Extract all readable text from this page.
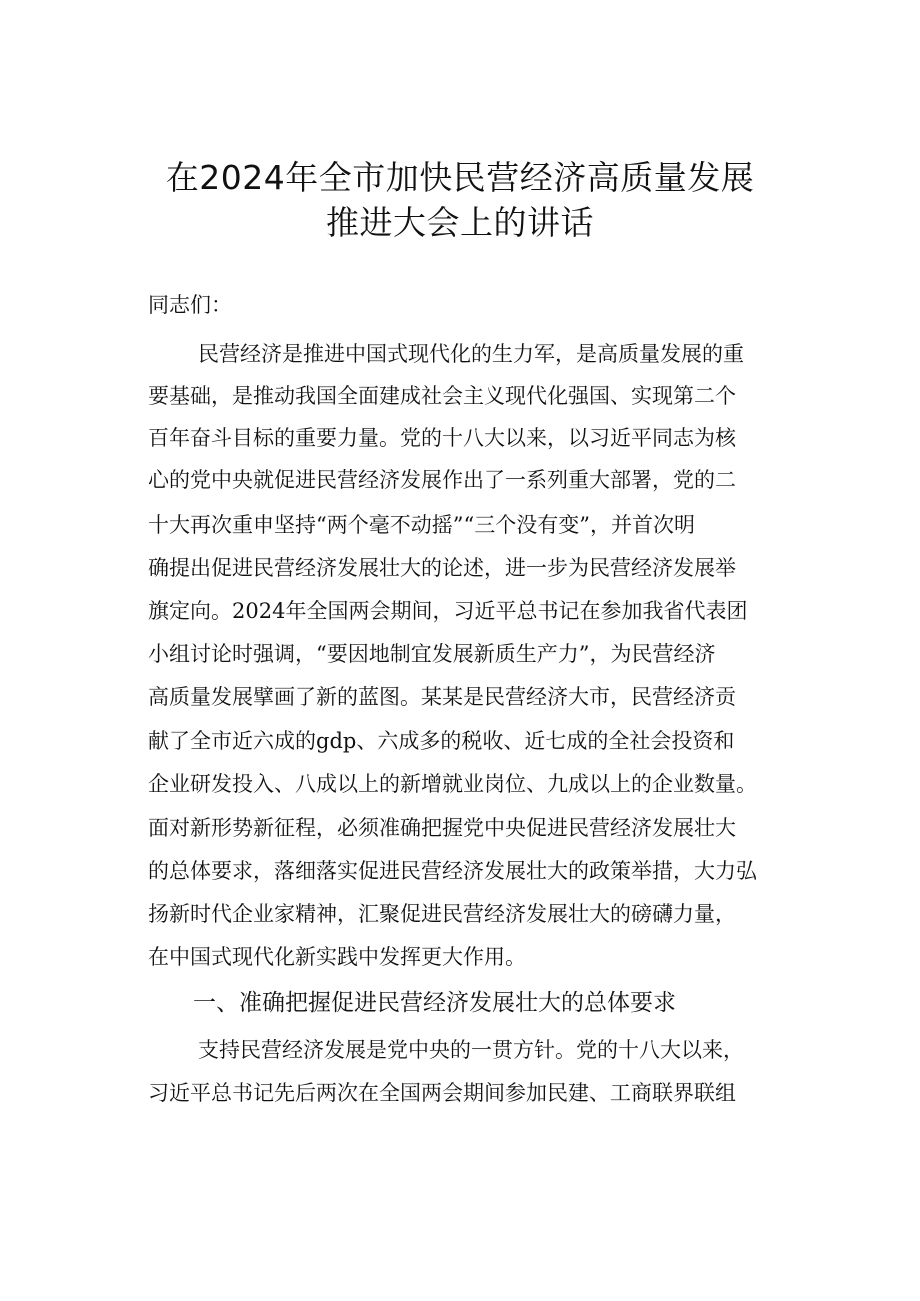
在2024年全市加快民营经济高质量发展
推进大会上的讲话
同志们：
民营经济是推进中国式现代化的生力军，是高质量发展的重
要基础，是推动我国全面建成社会主义现代化强国、实现第二个
百年奋斗目标的重要力量。党的十八大以来，以习近平同志为核
心的党中央就促进民营经济发展作出了一系列重大部署，党的二
十大再次重申坚持“两个毫不动摇”“三个没有变”，并首次明
确提出促进民营经济发展壮大的论述，进一步为民营经济发展举
旗定向。2024年全国两会期间，习近平总书记在参加我省代表团
小组讨论时强调，“要因地制宜发展新质生产力”，为民营经济
高质量发展擘画了新的蓝图。某某是民营经济大市，民营经济贡
献了全市近六成的gdp、六成多的税收、近七成的全社会投资和
企业研发投入、八成以上的新增就业岗位、九成以上的企业数量。
面对新形势新征程，必须准确把握党中央促进民营经济发展壮大
的总体要求，落细落实促进民营经济发展壮大的政策举措，大力弘
扬新时代企业家精神，汇聚促进民营经济发展壮大的磅礴力量，
在中国式现代化新实践中发挥更大作用。
一、准确把握促进民营经济发展壮大的总体要求
支持民营经济发展是党中央的一贯方针。党的十八大以来，
习近平总书记先后两次在全国两会期间参加民建、工商联界联组
